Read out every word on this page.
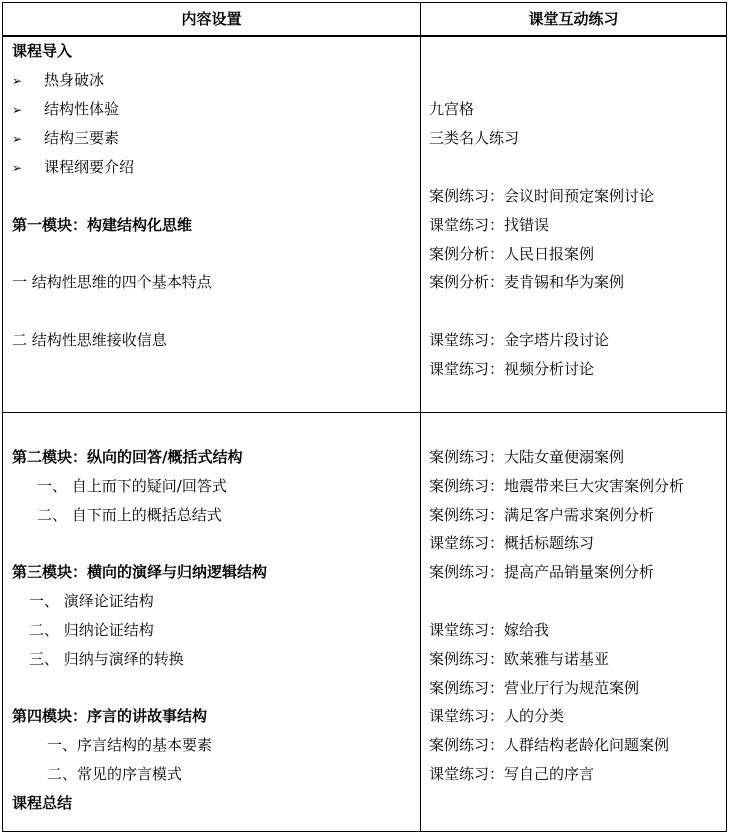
内容设置	课堂互动练习
课程导入
➢ 热身破冰
➢ 结构性体验
➢ 结构三要素
➢ 课程纲要介绍
第一模块：构建结构化思维
一 结构性思维的四个基本特点
二 结构性思维接收信息
九宫格
三类名人练习
案例练习：会议时间预定案例讨论
课堂练习：找错误
案例分析：人民日报案例
案例分析：麦肯锡和华为案例
课堂练习：金字塔片段讨论
课堂练习：视频分析讨论
第二模块：纵向的回答/概括式结构
一、 自上而下的疑问/回答式
二、 自下而上的概括总结式
第三模块：横向的演绎与归纳逻辑结构
一、 演绎论证结构
二、 归纳论证结构
三、 归纳与演绎的转换
第四模块：序言的讲故事结构
一、序言结构的基本要素
二、常见的序言模式
课程总结
案例练习：大陆女童便溺案例
案例练习：地震带来巨大灾害案例分析
案例练习：满足客户需求案例分析
课堂练习：概括标题练习
案例练习：提高产品销量案例分析
课堂练习：嫁给我
案例练习：欧莱雅与诺基亚
案例练习：营业厅行为规范案例
课堂练习：人的分类
案例练习：人群结构老龄化问题案例
课堂练习：写自己的序言
